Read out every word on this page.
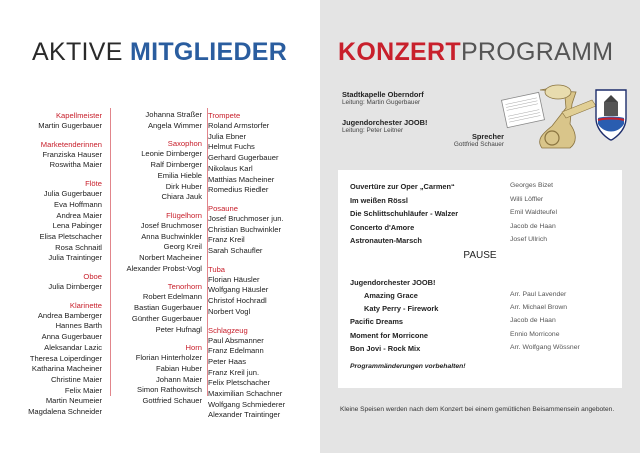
AKTIVE MITGLIEDER
Kapellmeister
Martin Gugerbauer
Marketenderinnen
Franziska Hauser
Roswitha Maier
Flöte
Julia Gugerbauer
Eva Hoffmann
Andrea Maier
Lena Pabinger
Elisa Pletschacher
Rosa Schnaitl
Julia Traintinger
Oboe
Julia Dirnberger
Klarinette
Andrea Bamberger
Hannes Barth
Anna Gugerbauer
Aleksandar Lazic
Theresa Loiperdinger
Katharina Macheiner
Christine Maier
Felix Maier
Martin Neumeier
Magdalena Schneider
Johanna Straßer
Angela Wimmer
Saxophon
Leonie Dirnberger
Ralf Dirnberger
Emilia Hieble
Dirk Huber
Chiara Jauk
Flügelhorn
Josef Bruchmoser
Anna Buchwinkler
Georg Kreil
Norbert Macheiner
Alexander Probst-Vogl
Tenorhorn
Robert Edelmann
Bastian Gugerbauer
Günther Gugerbauer
Peter Hufnagl
Horn
Florian Hinterholzer
Fabian Huber
Johann Maier
Simon Rathowitsch
Gottfried Schauer
Trompete
Roland Armstorfer
Julia Ebner
Helmut Fuchs
Gerhard Gugerbauer
Nikolaus Karl
Matthias Macheiner
Romedius Riedler
Posaune
Josef Bruchmoser jun.
Christian Buchwinkler
Franz Kreil
Sarah Schaufler
Tuba
Florian Häusler
Wolfgang Häusler
Christof Hochradl
Norbert Vogl
Schlagzeug
Paul Absmanner
Franz Edelmann
Peter Haas
Franz Kreil jun.
Felix Pletschacher
Maximilian Schachner
Wolfgang Schmiederer
Alexander Traintinger
KONZERTPROGRAMM
Stadtkapelle Oberndorf
Leitung: Martin Gugerbauer
Jugendorchester JOOB!
Leitung: Peter Leitner
Sprecher
Gottfried Schauer
PAUSE
Programmänderungen vorbehalten!
Ouvertüre zur Oper „Carmen“	Georges Bizet
Im weißen Rössl	Willi Löffler
Die Schlittschuhläufer - Walzer	Emil Waldteufel
Concerto d'Amore	Jacob de Haan
Astronauten-Marsch	Josef Ullrich
Jugendorchester JOOB!
Amazing Grace	Arr. Paul Lavender
Katy Perry - Firework	Arr. Michael Brown
Pacific Dreams	Jacob de Haan
Moment for Morricone	Ennio Morricone
Bon Jovi - Rock Mix	Arr. Wolfgang Wössner
Kleine Speisen werden nach dem Konzert bei einem gemütlichen Beisammensein angeboten.
